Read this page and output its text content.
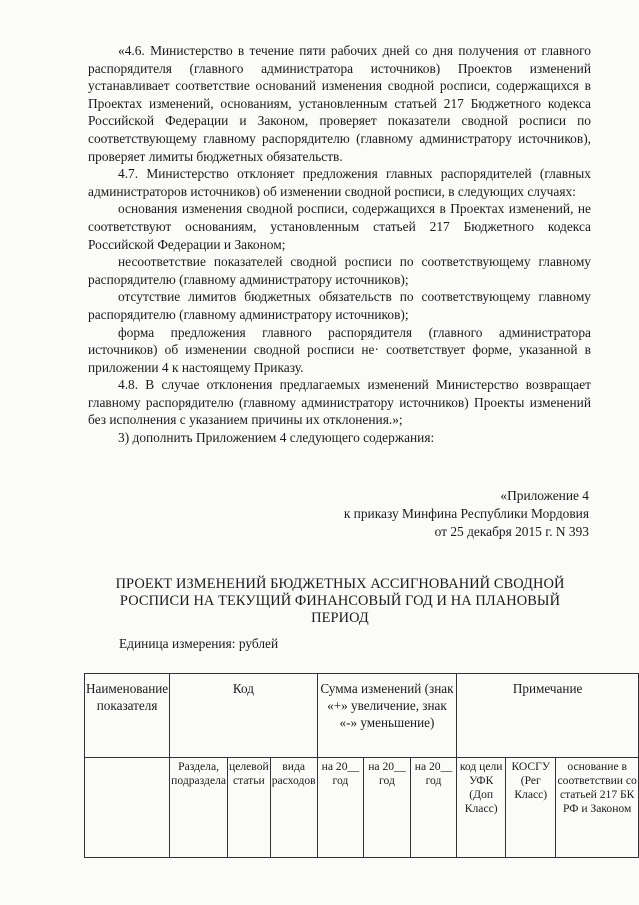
«4.6. Министерство в течение пяти рабочих дней со дня получения от главного распорядителя (главного администратора источников) Проектов изменений устанавливает соответствие оснований изменения сводной росписи, содержащихся в Проектах изменений, основаниям, установленным статьей 217 Бюджетного кодекса Российской Федерации и Законом, проверяет показатели сводной росписи по соответствующему главному распорядителю (главному администратору источников), проверяет лимиты бюджетных обязательств.

4.7. Министерство отклоняет предложения главных распорядителей (главных администраторов источников) об изменении сводной росписи, в следующих случаях:

основания изменения сводной росписи, содержащихся в Проектах изменений, не соответствуют основаниям, установленным статьей 217 Бюджетного кодекса Российской Федерации и Законом;

несоответствие показателей сводной росписи по соответствующему главному распорядителю (главному администратору источников);

отсутствие лимитов бюджетных обязательств по соответствующему главному распорядителю (главному администратору источников);

форма предложения главного распорядителя (главного администратора источников) об изменении сводной росписи не· соответствует форме, указанной в приложении 4 к настоящему Приказу.

4.8. В случае отклонения предлагаемых изменений Министерство возвращает главному распорядителю (главному администратору источников) Проекты изменений без исполнения с указанием причины их отклонения.»;

3) дополнить Приложением 4 следующего содержания:

«Приложение 4
к приказу Минфина Республики Мордовия
от 25 декабря 2015 г. N 393
ПРОЕКТ ИЗМЕНЕНИЙ БЮДЖЕТНЫХ АССИГНОВАНИЙ СВОДНОЙ
РОСПИСИ НА ТЕКУЩИЙ ФИНАНСОВЫЙ ГОД И НА ПЛАНОВЫЙ
ПЕРИОД
Единица измерения: рублей
Наименование показателя	Код			Сумма изменений (знак «+» увеличение, знак «-» уменьшение)			Примечание		
	Раздела, подраздела	целевой статьи	вида расходов	на 20__ год	на 20__ год	на 20__ год	код цели УФК (Доп Класс)	КОСГУ (Рег Класс)	основание в соответствии со статьей 217 БК РФ и Законом
